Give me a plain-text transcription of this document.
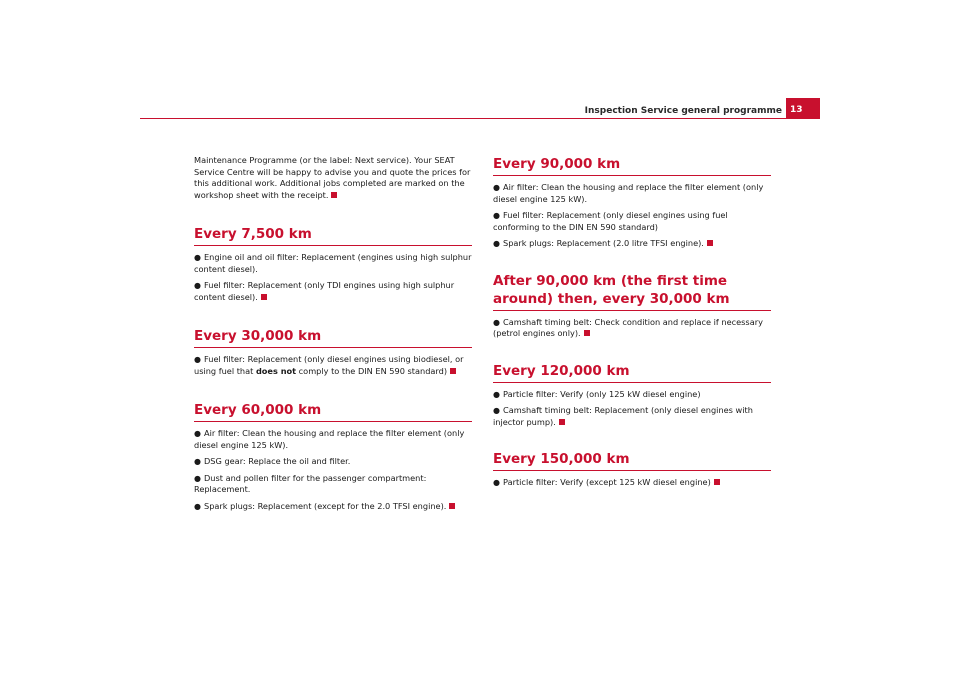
Inspection Service general programme 13

Maintenance Programme (or the label: Next service). Your SEAT Service Centre will be happy to advise you and quote the prices for this additional work. Additional jobs completed are marked on the workshop sheet with the receipt.

Every 7,500 km
● Engine oil and oil filter: Replacement (engines using high sulphur content diesel).
● Fuel filter: Replacement (only TDI engines using high sulphur content diesel).
Every 30,000 km
● Fuel filter: Replacement (only diesel engines using biodiesel, or using fuel that does not comply to the DIN EN 590 standard)
Every 60,000 km
● Air filter: Clean the housing and replace the filter element (only diesel engine 125 kW).
● DSG gear: Replace the oil and filter.
● Dust and pollen filter for the passenger compartment: Replacement.
● Spark plugs: Replacement (except for the 2.0 TFSI engine).
Every 90,000 km
● Air filter: Clean the housing and replace the filter element (only diesel engine 125 kW).
● Fuel filter: Replacement (only diesel engines using fuel conforming to the DIN EN 590 standard)
● Spark plugs: Replacement (2.0 litre TFSI engine).
After 90,000 km (the first time around) then, every 30,000 km
● Camshaft timing belt: Check condition and replace if necessary (petrol engines only).
Every 120,000 km
● Particle filter: Verify (only 125 kW diesel engine)
● Camshaft timing belt: Replacement (only diesel engines with injector pump).
Every 150,000 km
● Particle filter: Verify (except 125 kW diesel engine)
